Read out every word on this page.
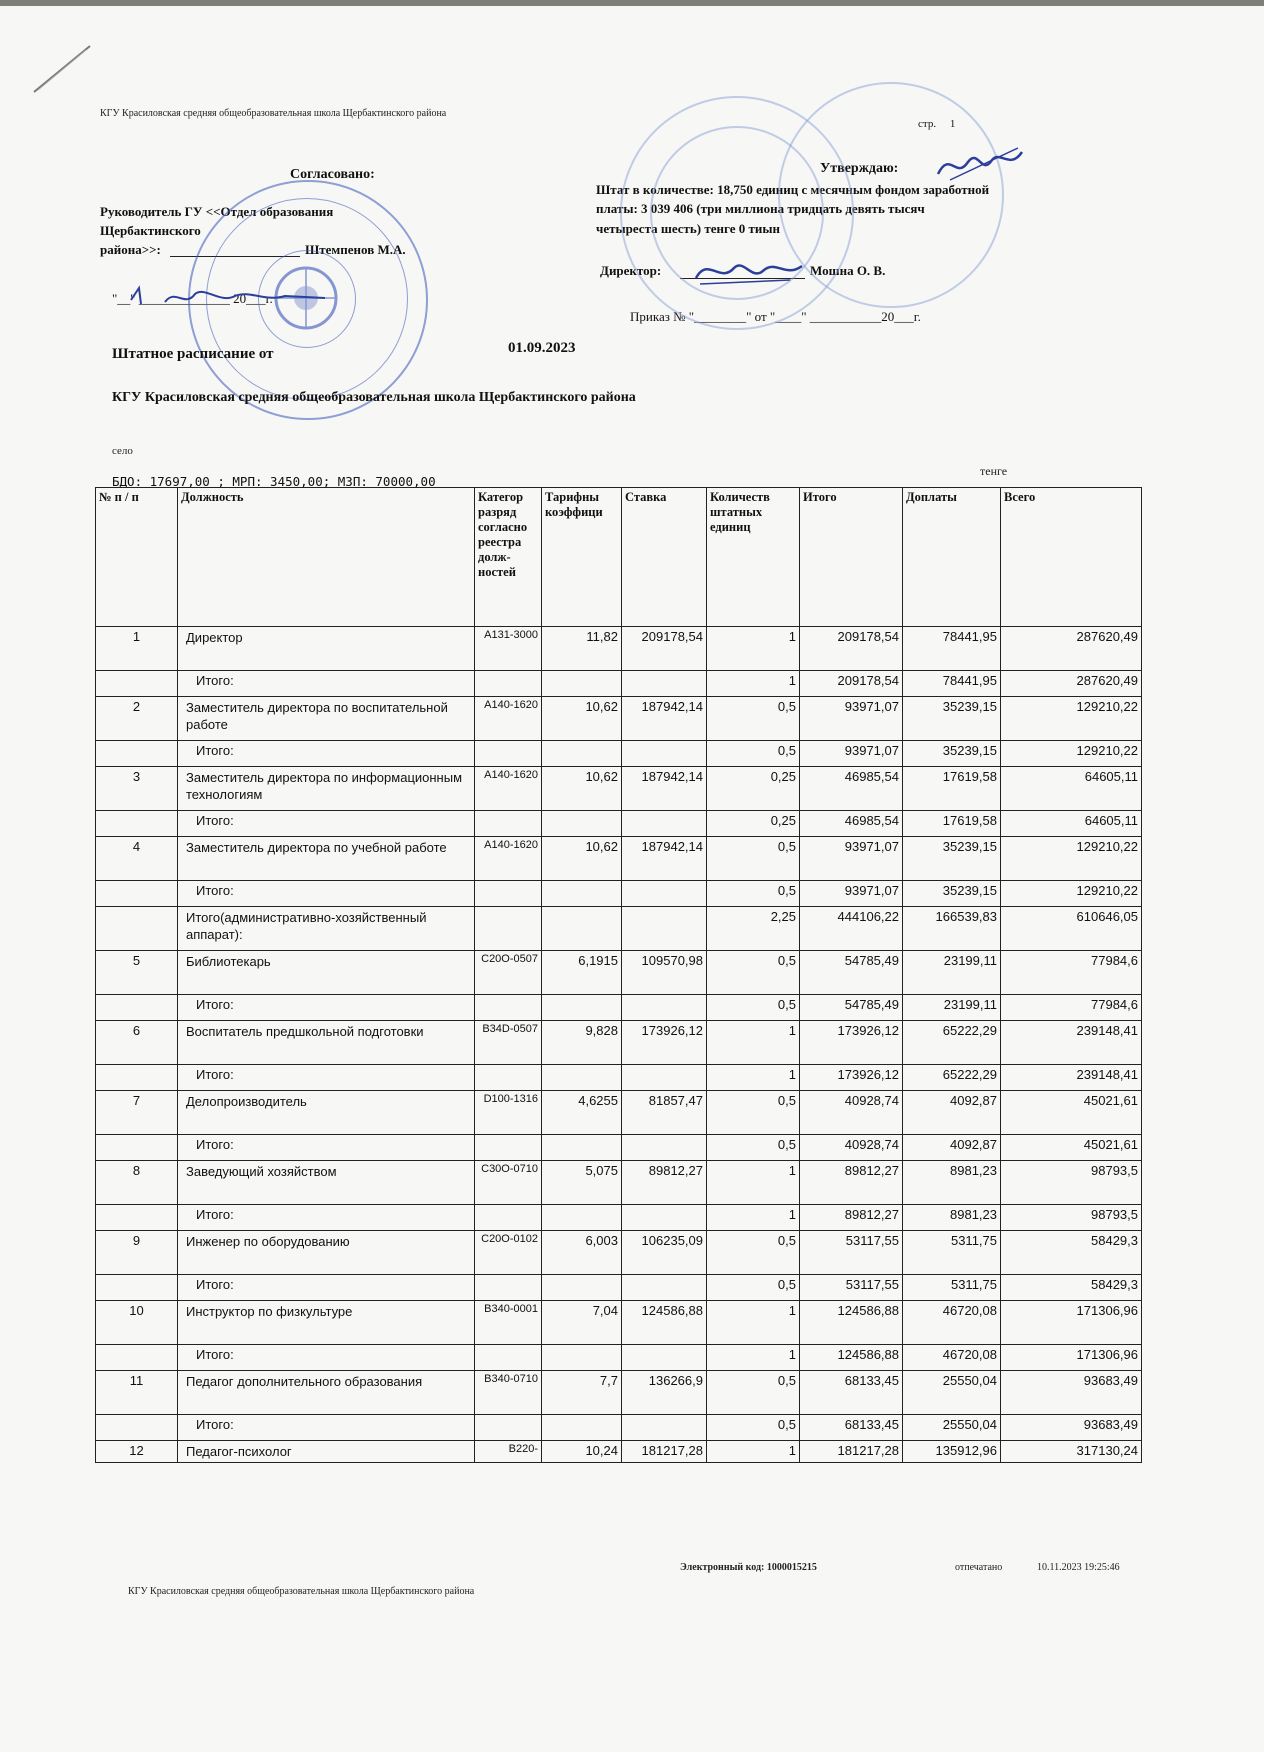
КГУ Красиловская средняя общеобразовательная школа Щербактинского района
стр. 1
Согласовано:
Руководитель ГУ <<Отдел образования
Щербактинского
района>>:	Штемпенов М.А.
"__" ______________ 20___г.
Утверждаю:
Штат в количестве: 18,750 единиц с месячным фондом заработной
платы: 3 039 406 (три миллиона тридцать девять тысяч
четыреста шесть) тенге 0 тиын
Директор:	Мошна О. В.
Приказ № "________" от "____" ___________20___г.
Штатное расписание от	01.09.2023
КГУ Красиловская средняя общеобразовательная школа Щербактинского района
село
БДО: 17697,00 ; МРП: 3450,00; МЗП: 70000,00
тенге
№ п / п	Должность	Категор разряд согласно реестра долж-ностей	Тарифны коэффици	Ставка	Количеств штатных единиц	Итого	Доплаты	Всего
1	Директор	A131-3000	11,82	209178,54	1	209178,54	78441,95	287620,49
	Итого:				1	209178,54	78441,95	287620,49
2	Заместитель директора по воспитательной работе	A140-1620	10,62	187942,14	0,5	93971,07	35239,15	129210,22
	Итого:				0,5	93971,07	35239,15	129210,22
3	Заместитель директора по информационным технологиям	A140-1620	10,62	187942,14	0,25	46985,54	17619,58	64605,11
	Итого:				0,25	46985,54	17619,58	64605,11
4	Заместитель директора по учебной работе	A140-1620	10,62	187942,14	0,5	93971,07	35239,15	129210,22
	Итого:				0,5	93971,07	35239,15	129210,22
	Итого(административно-хозяйственный аппарат):				2,25	444106,22	166539,83	610646,05
5	Библиотекарь	C20O-0507	6,1915	109570,98	0,5	54785,49	23199,11	77984,6
	Итого:				0,5	54785,49	23199,11	77984,6
6	Воспитатель предшкольной подготовки	B34D-0507	9,828	173926,12	1	173926,12	65222,29	239148,41
	Итого:				1	173926,12	65222,29	239148,41
7	Делопроизводитель	D100-1316	4,6255	81857,47	0,5	40928,74	4092,87	45021,61
	Итого:				0,5	40928,74	4092,87	45021,61
8	Заведующий хозяйством	C30O-0710	5,075	89812,27	1	89812,27	8981,23	98793,5
	Итого:				1	89812,27	8981,23	98793,5
9	Инженер по оборудованию	C20O-0102	6,003	106235,09	0,5	53117,55	5311,75	58429,3
	Итого:				0,5	53117,55	5311,75	58429,3
10	Инструктор по физкультуре	B340-0001	7,04	124586,88	1	124586,88	46720,08	171306,96
	Итого:				1	124586,88	46720,08	171306,96
11	Педагог дополнительного образования	B340-0710	7,7	136266,9	0,5	68133,45	25550,04	93683,49
	Итого:				0,5	68133,45	25550,04	93683,49
12	Педагог-психолог	B220-	10,24	181217,28	1	181217,28	135912,96	317130,24
Электронный код: 1000015215	отпечатано	10.11.2023 19:25:46
КГУ Красиловская средняя общеобразовательная школа Щербактинского района
